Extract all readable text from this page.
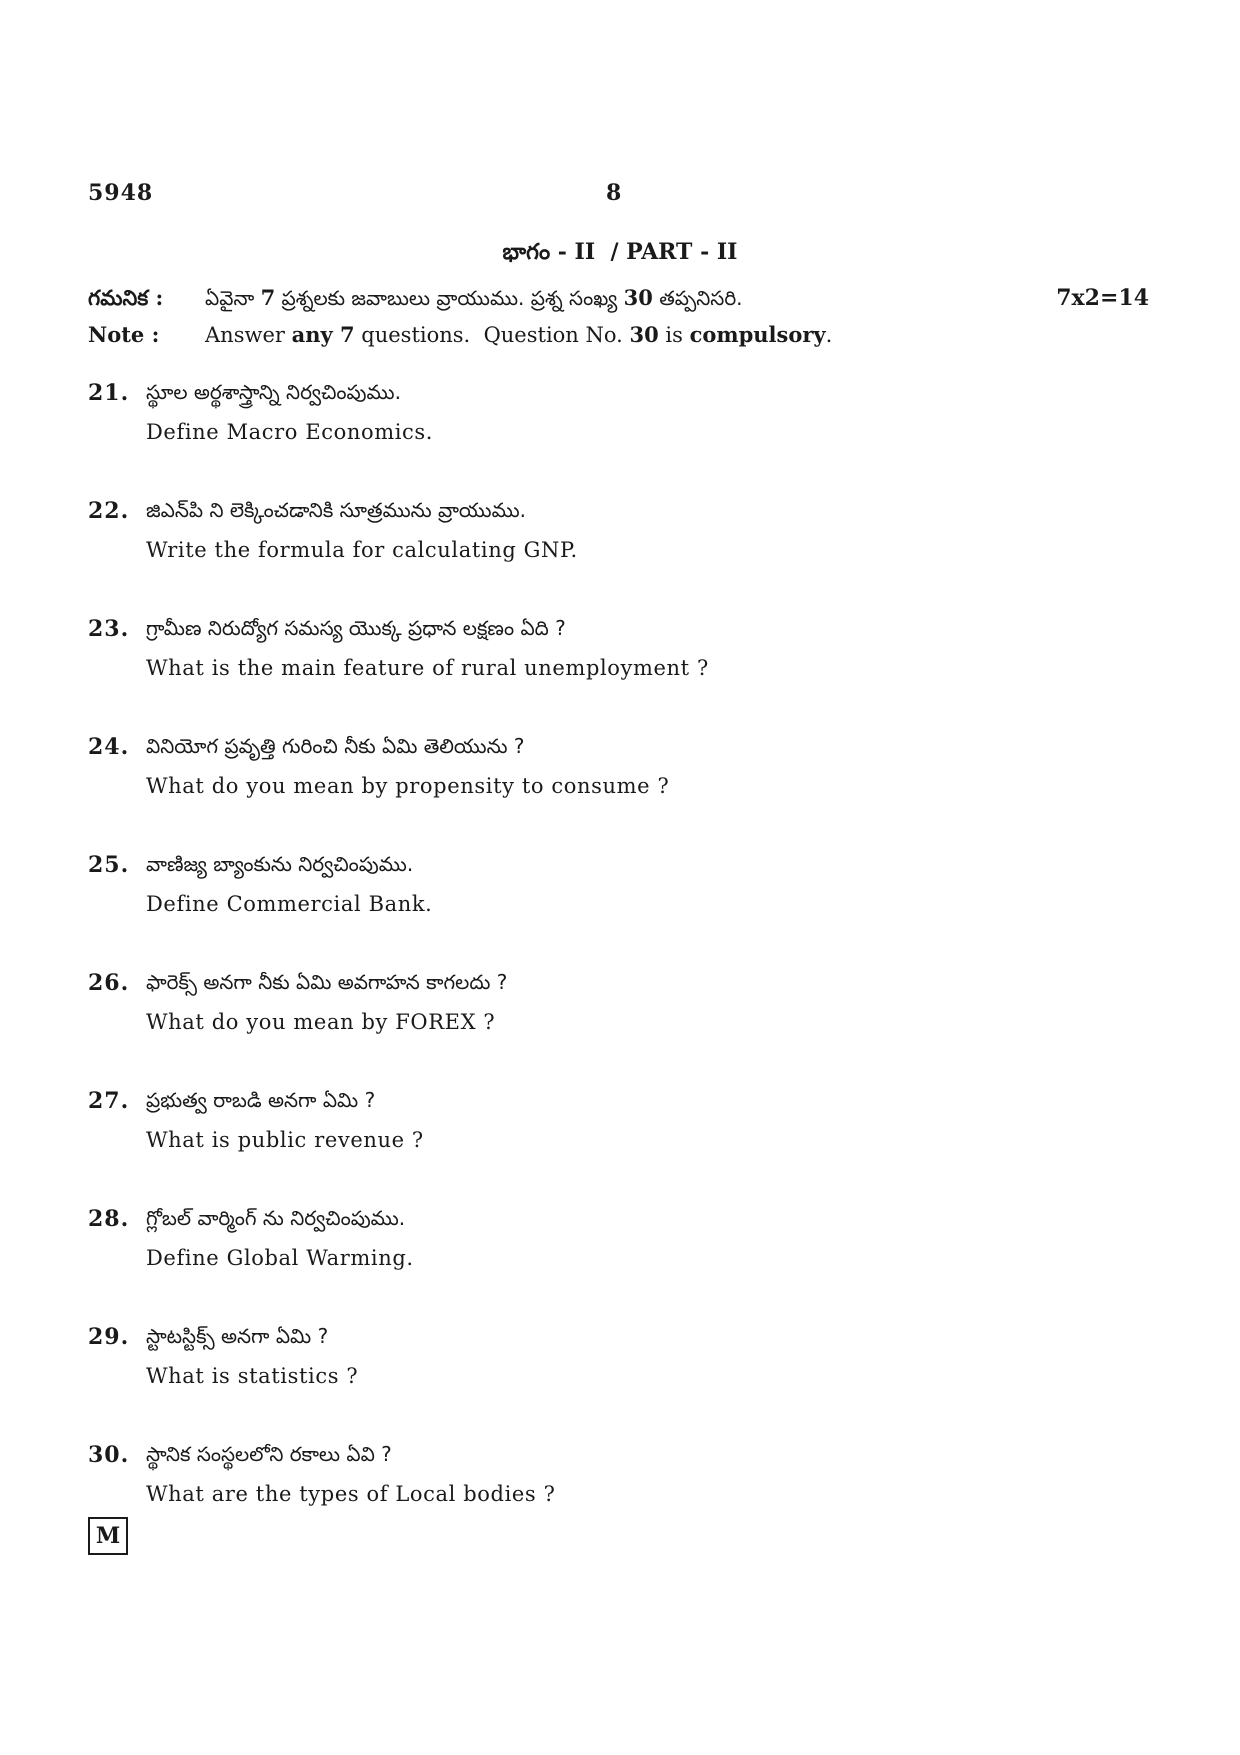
5948	8
భాగం - II  / PART - II
గమనిక : ఏవైనా 7 ప్రశ్నలకు జవాబులు వ్రాయుము. ప్రశ్న సంఖ్య 30 తప్పనిసరి.	7x2=14
Note : Answer any 7 questions.  Question No. 30 is compulsory.
21. స్థూల అర్థశాస్త్రాన్ని నిర్వచింపుము.
Define Macro Economics.
22. జిఎన్‌పి ని లెక్కించడానికి సూత్రమును వ్రాయుము.
Write the formula for calculating GNP.
23. గ్రామీణ నిరుద్యోగ సమస్య యొక్క ప్రధాన లక్షణం ఏది ?
What is the main feature of rural unemployment ?
24. వినియోగ ప్రవృత్తి గురించి నీకు ఏమి తెలియును ?
What do you mean by propensity to consume ?
25. వాణిజ్య బ్యాంకును నిర్వచింపుము.
Define Commercial Bank.
26. ఫారెక్స్ అనగా నీకు ఏమి అవగాహన కాగలదు ?
What do you mean by FOREX ?
27. ప్రభుత్వ రాబడి అనగా ఏమి ?
What is public revenue ?
28. గ్లోబల్ వార్మింగ్ ను నిర్వచింపుము.
Define Global Warming.
29. స్టాటస్టిక్స్ అనగా ఏమి ?
What is statistics ?
30. స్థానిక సంస్థలలోని రకాలు ఏవి ?
What are the types of Local bodies ?
M
